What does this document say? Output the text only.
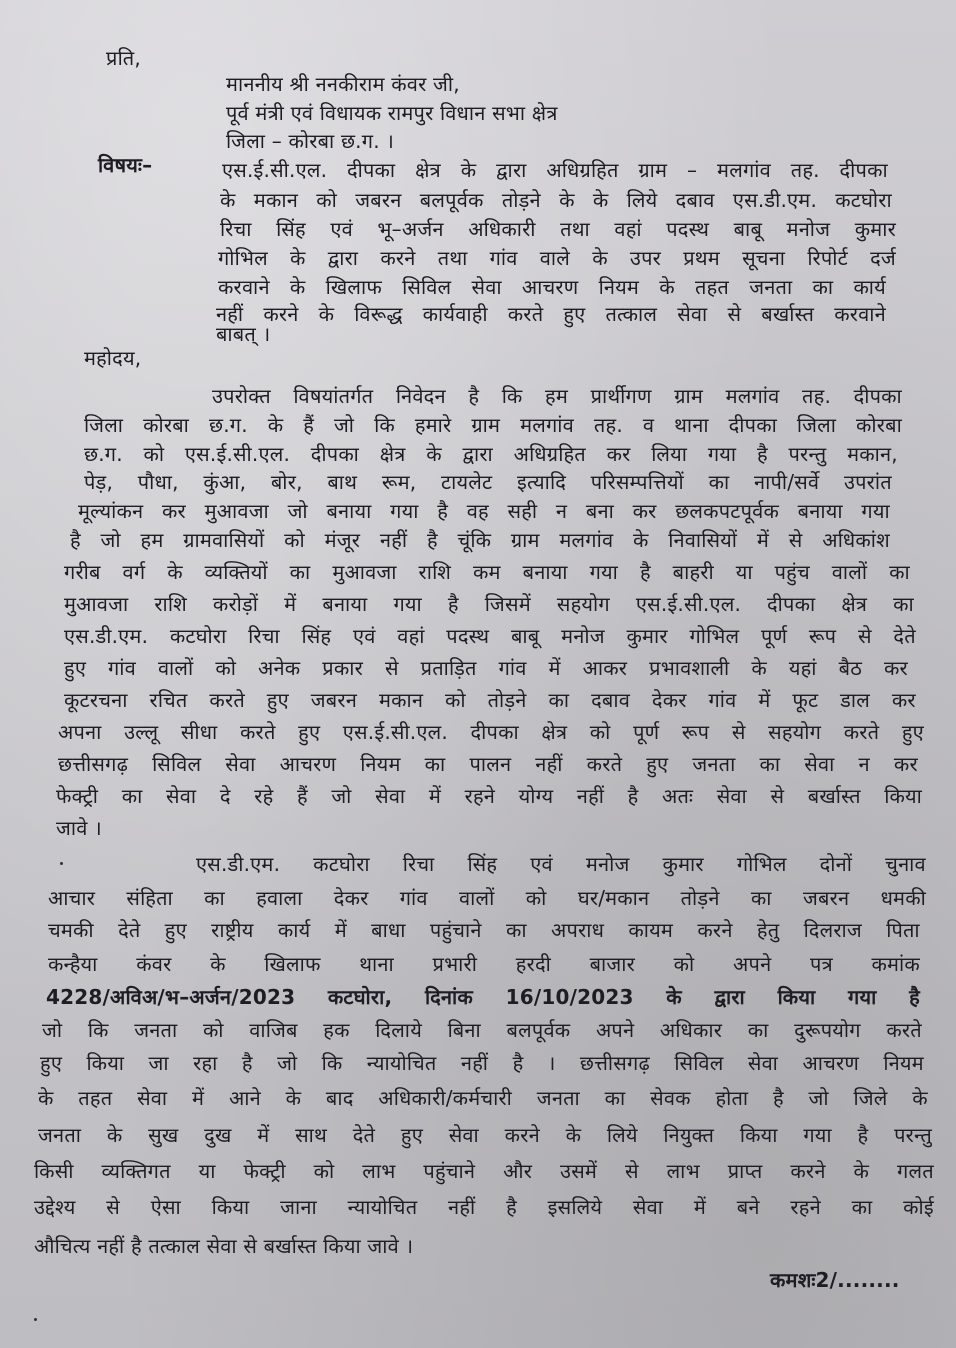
प्रति,
माननीय श्री ननकीराम कंवर जी,
पूर्व मंत्री एवं विधायक रामपुर विधान सभा क्षेत्र
जिला – कोरबा छ.ग. ।
विषयः–	एस.ई.सी.एल. दीपका क्षेत्र के द्वारा अधिग्रहित ग्राम – मलगांव तह. दीपका
के मकान को जबरन बलपूर्वक तोड़ने के के लिये दबाव एस.डी.एम. कटघोरा
रिचा सिंह एवं भू–अर्जन अधिकारी तथा वहां पदस्थ बाबू मनोज कुमार
गोभिल के द्वारा करने तथा गांव वाले के उपर प्रथम सूचना रिपोर्ट दर्ज
करवाने के खिलाफ सिविल सेवा आचरण नियम के तहत जनता का कार्य
नहीं करने के विरूद्ध कार्यवाही करते हुए तत्काल सेवा से बर्खास्त करवाने
बाबत् ।
महोदय,
उपरोक्त विषयांतर्गत निवेदन है कि हम प्रार्थीगण ग्राम मलगांव तह. दीपका
जिला कोरबा छ.ग. के हैं जो कि हमारे ग्राम मलगांव तह. व थाना दीपका जिला कोरबा
छ.ग. को एस.ई.सी.एल. दीपका क्षेत्र के द्वारा अधिग्रहित कर लिया गया है परन्तु मकान,
पेड़, पौधा, कुंआ, बोर, बाथ रूम, टायलेट इत्यादि परिसम्पत्तियों का नापी/सर्वे उपरांत
मूल्यांकन कर मुआवजा जो बनाया गया है वह सही न बना कर छलकपटपूर्वक बनाया गया
है जो हम ग्रामवासियों को मंजूर नहीं है चूंकि ग्राम मलगांव के निवासियों में से अधिकांश
गरीब वर्ग के व्यक्तियों का मुआवजा राशि कम बनाया गया है बाहरी या पहुंच वालों का
मुआवजा राशि करोड़ों में बनाया गया है जिसमें सहयोग एस.ई.सी.एल. दीपका क्षेत्र का
एस.डी.एम. कटघोरा रिचा सिंह एवं वहां पदस्थ बाबू मनोज कुमार गोभिल पूर्ण रूप से देते
हुए गांव वालों को अनेक प्रकार से प्रताड़ित गांव में आकर प्रभावशाली के यहां बैठ कर
कूटरचना रचित करते हुए जबरन मकान को तोड़ने का दबाव देकर गांव में फूट डाल कर
अपना उल्लू सीधा करते हुए एस.ई.सी.एल. दीपका क्षेत्र को पूर्ण रूप से सहयोग करते हुए
छत्तीसगढ़ सिविल सेवा आचरण नियम का पालन नहीं करते हुए जनता का सेवा न कर
फेक्ट्री का सेवा दे रहे हैं जो सेवा में रहने योग्य नहीं है अतः सेवा से बर्खास्त किया
जावे ।
एस.डी.एम. कटघोरा रिचा सिंह एवं मनोज कुमार गोभिल दोनों चुनाव
आचार संहिता का हवाला देकर गांव वालों को घर/मकान तोड़ने का जबरन धमकी
चमकी देते हुए राष्ट्रीय कार्य में बाधा पहुंचाने का अपराध कायम करने हेतु दिलराज पिता
कन्हैया कंवर के खिलाफ थाना प्रभारी हरदी बाजार को अपने पत्र कमांक
4228/अविअ/भ–अर्जन/2023 कटघोरा, दिनांक 16/10/2023 के द्वारा किया गया है
जो कि जनता को वाजिब हक दिलाये बिना बलपूर्वक अपने अधिकार का दुरूपयोग करते
हुए किया जा रहा है जो कि न्यायोचित नहीं है । छत्तीसगढ़ सिविल सेवा आचरण नियम
के तहत सेवा में आने के बाद अधिकारी/कर्मचारी जनता का सेवक होता है जो जिले के
जनता के सुख दुख में साथ देते हुए सेवा करने के लिये नियुक्त किया गया है परन्तु
किसी व्यक्तिगत या फेक्ट्री को लाभ पहुंचाने और उसमें से लाभ प्राप्त करने के गलत
उद्देश्य से ऐसा किया जाना न्यायोचित नहीं है इसलिये सेवा में बने रहने का कोई
औचित्य नहीं है तत्काल सेवा से बर्खास्त किया जावे ।
कमशः2/........
